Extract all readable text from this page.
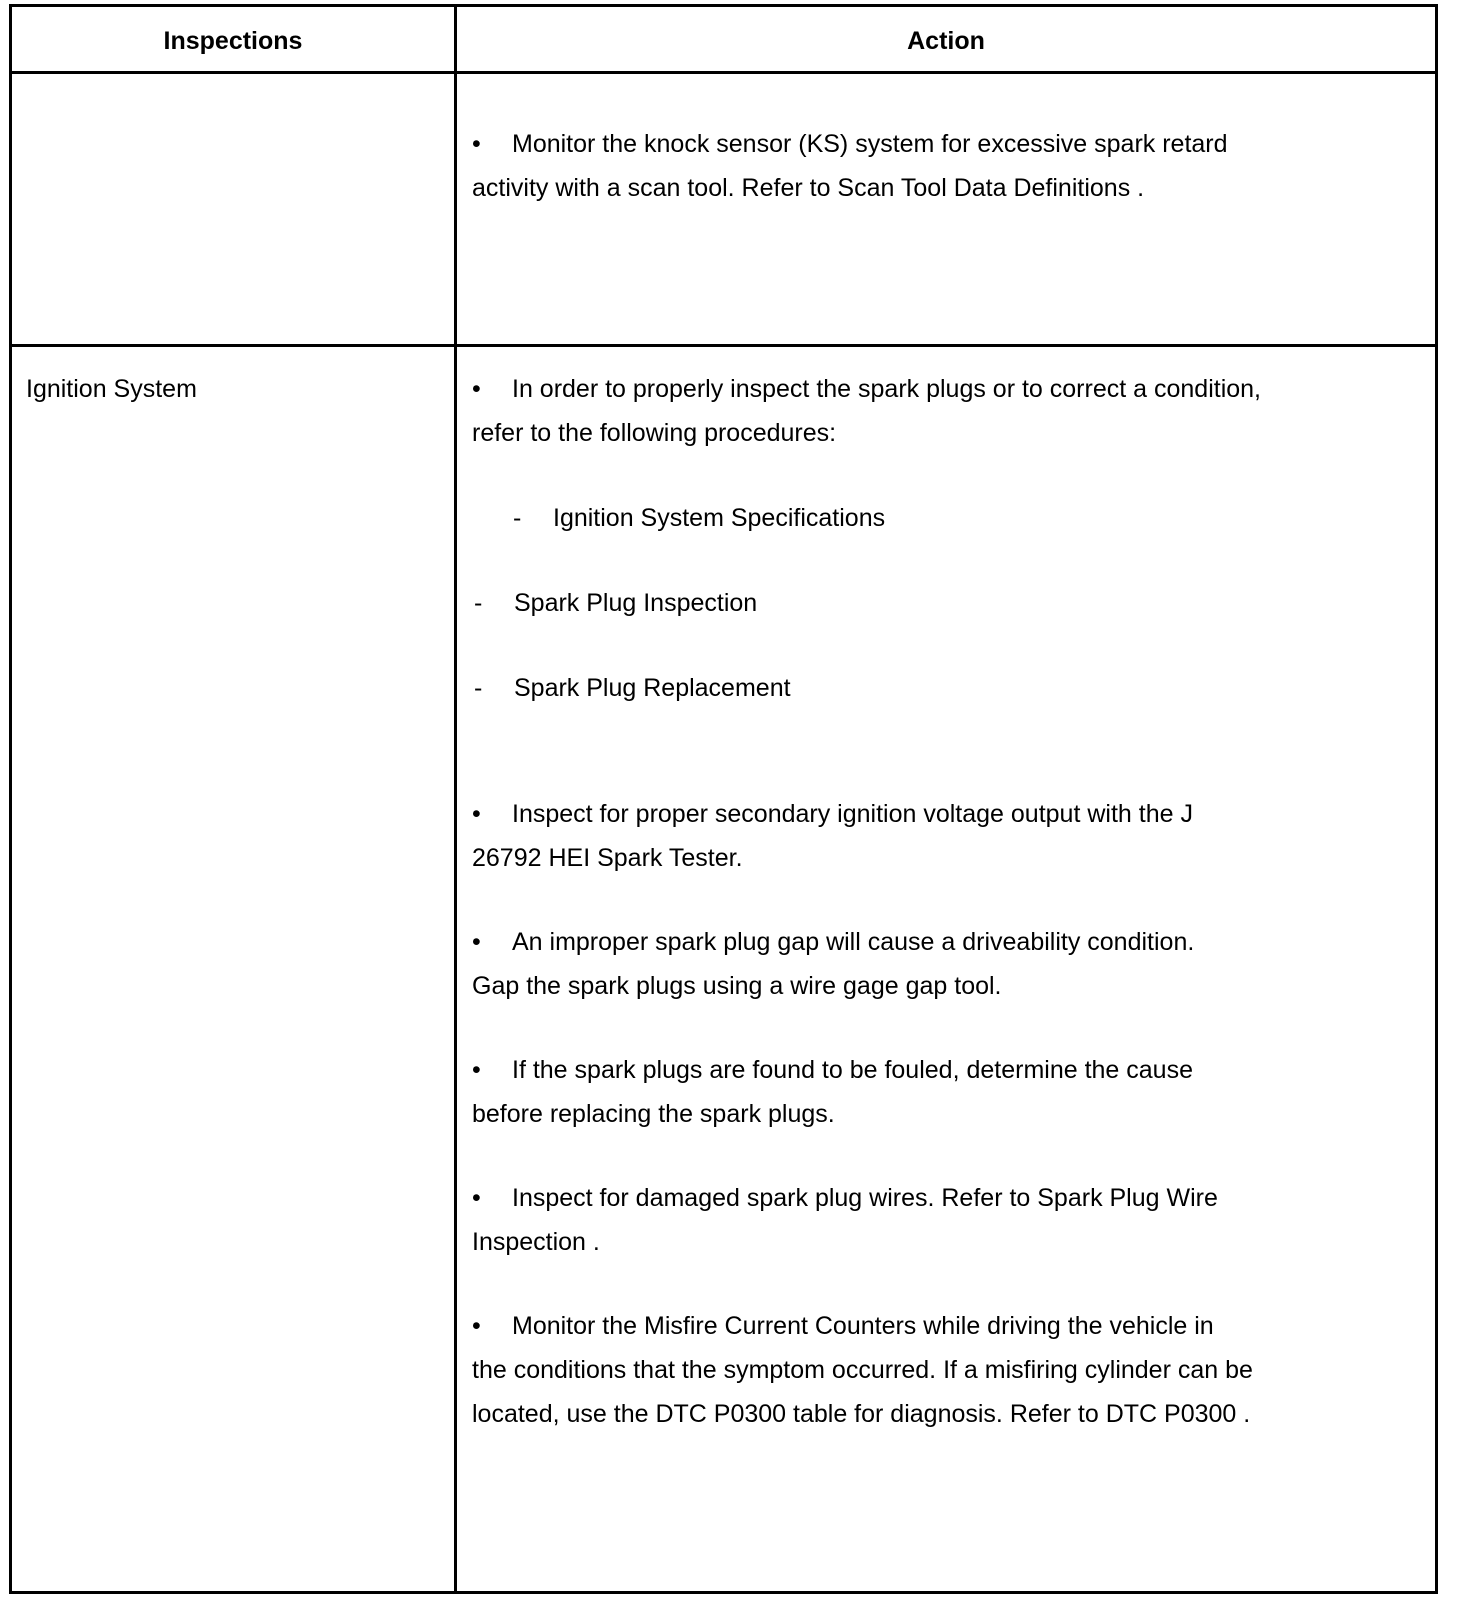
Inspections	Action
• Monitor the knock sensor (KS) system for excessive spark retard
activity with a scan tool. Refer to Scan Tool Data Definitions .
Ignition System	• In order to properly inspect the spark plugs or to correct a condition,
refer to the following procedures:
- Ignition System Specifications
- Spark Plug Inspection
- Spark Plug Replacement
• Inspect for proper secondary ignition voltage output with the J
26792 HEI Spark Tester.
• An improper spark plug gap will cause a driveability condition.
Gap the spark plugs using a wire gage gap tool.
• If the spark plugs are found to be fouled, determine the cause
before replacing the spark plugs.
• Inspect for damaged spark plug wires. Refer to Spark Plug Wire
Inspection .
• Monitor the Misfire Current Counters while driving the vehicle in
the conditions that the symptom occurred. If a misfiring cylinder can be
located, use the DTC P0300 table for diagnosis. Refer to DTC P0300 .
